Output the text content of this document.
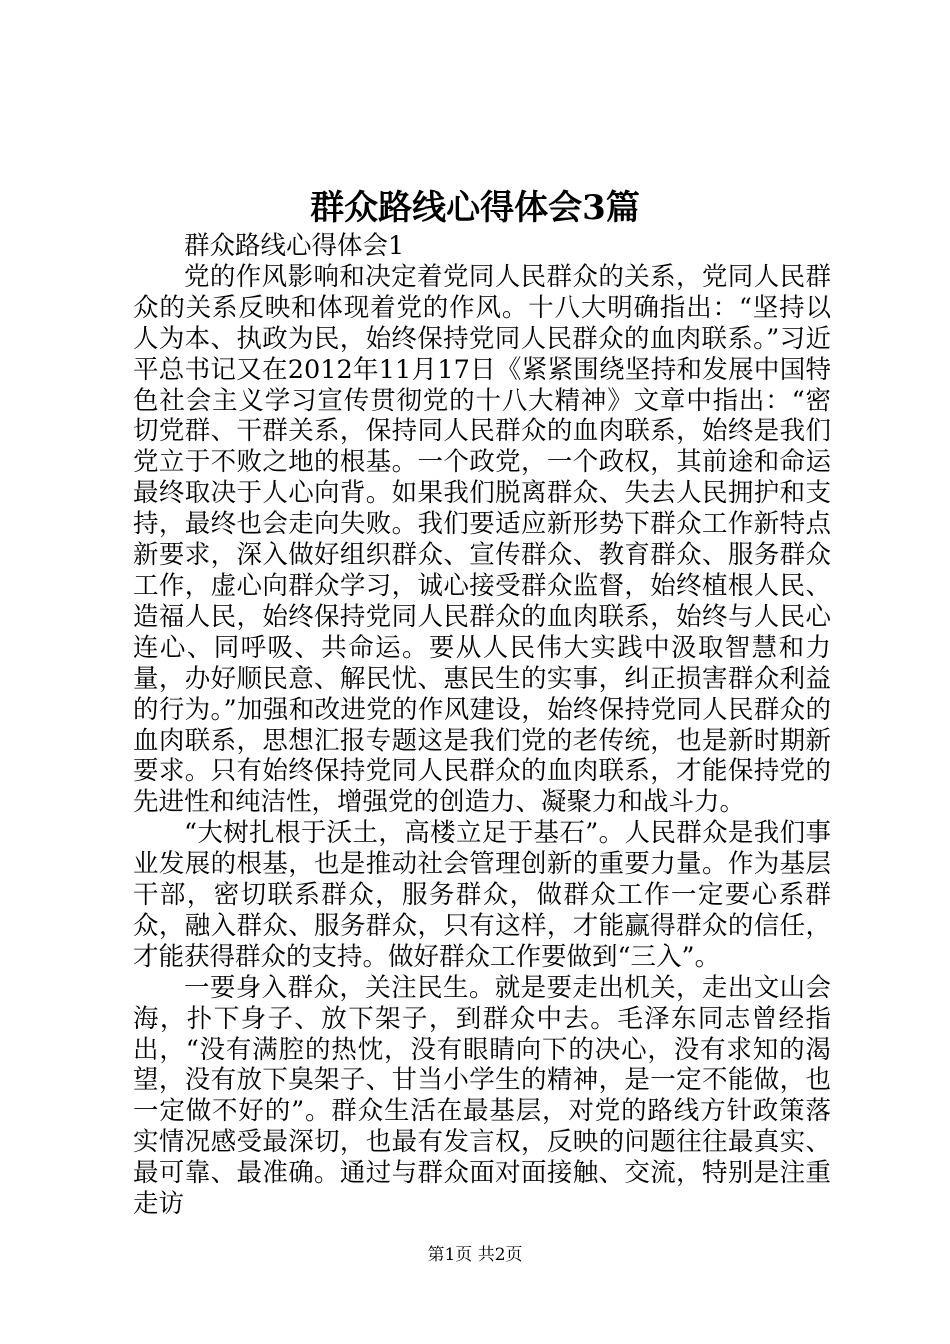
群众路线心得体会3篇

群众路线心得体会1

党的作风影响和决定着党同人民群众的关系，党同人民群众的关系反映和体现着党的作风。十八大明确指出：“坚持以人为本、执政为民，始终保持党同人民群众的血肉联系。”习近平总书记又在2012年11月17日《紧紧围绕坚持和发展中国特色社会主义学习宣传贯彻党的十八大精神》文章中指出：“密切党群、干群关系，保持同人民群众的血肉联系，始终是我们党立于不败之地的根基。一个政党，一个政权，其前途和命运最终取决于人心向背。如果我们脱离群众、失去人民拥护和支持，最终也会走向失败。我们要适应新形势下群众工作新特点新要求，深入做好组织群众、宣传群众、教育群众、服务群众工作，虚心向群众学习，诚心接受群众监督，始终植根人民、造福人民，始终保持党同人民群众的血肉联系，始终与人民心连心、同呼吸、共命运。要从人民伟大实践中汲取智慧和力量，办好顺民意、解民忧、惠民生的实事，纠正损害群众利益的行为。”加强和改进党的作风建设，始终保持党同人民群众的血肉联系，思想汇报专题这是我们党的老传统，也是新时期新要求。只有始终保持党同人民群众的血肉联系，才能保持党的先进性和纯洁性，增强党的创造力、凝聚力和战斗力。

“大树扎根于沃土，高楼立足于基石”。人民群众是我们事业发展的根基，也是推动社会管理创新的重要力量。作为基层干部，密切联系群众，服务群众，做群众工作一定要心系群众，融入群众、服务群众，只有这样，才能赢得群众的信任，才能获得群众的支持。做好群众工作要做到“三入”。

一要身入群众，关注民生。就是要走出机关，走出文山会海，扑下身子、放下架子，到群众中去。毛泽东同志曾经指出，“没有满腔的热忱，没有眼睛向下的决心，没有求知的渴望，没有放下臭架子、甘当小学生的精神，是一定不能做，也一定做不好的”。群众生活在最基层，对党的路线方针政策落实情况感受最深切，也最有发言权，反映的问题往往最真实、最可靠、最准确。通过与群众面对面接触、交流，特别是注重走访

第1页 共2页
